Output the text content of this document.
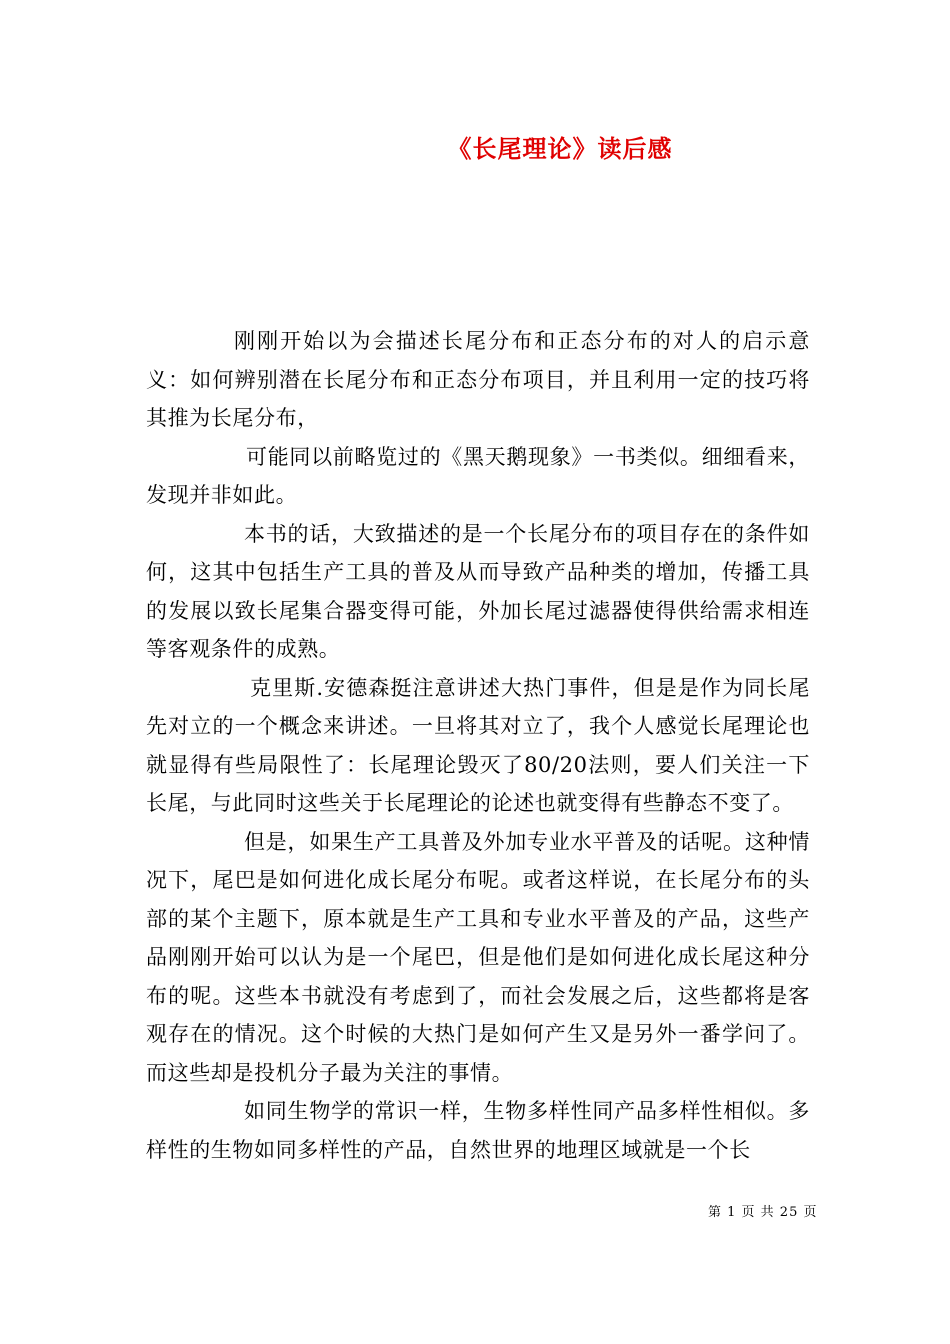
《长尾理论》读后感

刚刚开始以为会描述长尾分布和正态分布的对人的启示意义：如何辨别潜在长尾分布和正态分布项目，并且利用一定的技巧将其推为长尾分布，

可能同以前略览过的《黑天鹅现象》一书类似。细细看来，发现并非如此。

本书的话，大致描述的是一个长尾分布的项目存在的条件如何，这其中包括生产工具的普及从而导致产品种类的增加，传播工具的发展以致长尾集合器变得可能，外加长尾过滤器使得供给需求相连等客观条件的成熟。

克里斯.安德森挺注意讲述大热门事件，但是是作为同长尾先对立的一个概念来讲述。一旦将其对立了，我个人感觉长尾理论也就显得有些局限性了：长尾理论毁灭了80/20法则，要人们关注一下长尾，与此同时这些关于长尾理论的论述也就变得有些静态不变了。

但是，如果生产工具普及外加专业水平普及的话呢。这种情况下，尾巴是如何进化成长尾分布呢。或者这样说，在长尾分布的头部的某个主题下，原本就是生产工具和专业水平普及的产品，这些产品刚刚开始可以认为是一个尾巴，但是他们是如何进化成长尾这种分布的呢。这些本书就没有考虑到了，而社会发展之后，这些都将是客观存在的情况。这个时候的大热门是如何产生又是另外一番学问了。而这些却是投机分子最为关注的事情。

如同生物学的常识一样，生物多样性同产品多样性相似。多样性的生物如同多样性的产品，自然世界的地理区域就是一个长

第 1 页 共 25 页
